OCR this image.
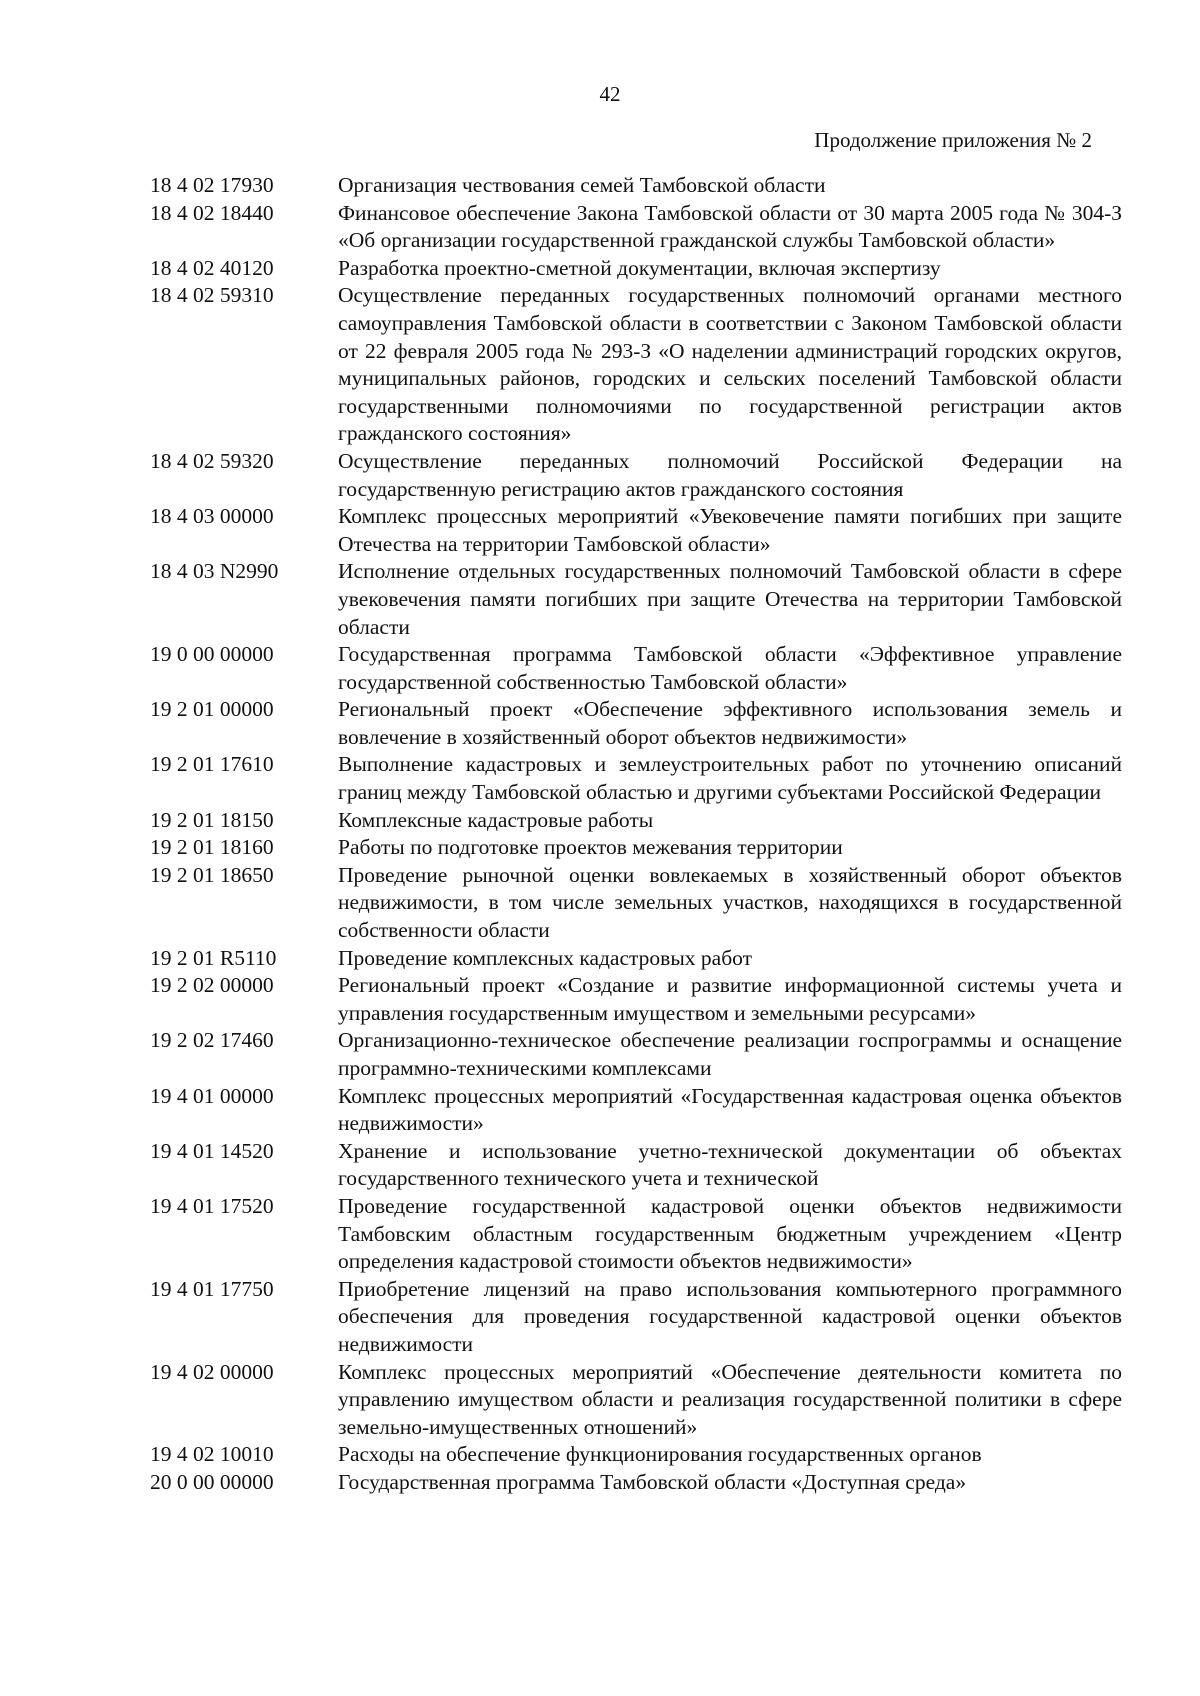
42
Продолжение приложения № 2
18 4 02 17930	Организация чествования семей Тамбовской области
18 4 02 18440	Финансовое обеспечение Закона Тамбовской области от 30 марта 2005 года № 304-З «Об организации государственной гражданской службы Тамбовской области»
18 4 02 40120	Разработка проектно-сметной документации, включая экспертизу
18 4 02 59310	Осуществление переданных государственных полномочий органами местного самоуправления Тамбовской области в соответствии с Законом Тамбовской области от 22 февраля 2005 года № 293-З «О наделении администраций городских округов, муниципальных районов, городских и сельских поселений Тамбовской области государственными полномочиями по государственной регистрации актов гражданского состояния»
18 4 02 59320	Осуществление переданных полномочий Российской Федерации на государственную регистрацию актов гражданского состояния
18 4 03 00000	Комплекс процессных мероприятий «Увековечение памяти погибших при защите Отечества на территории Тамбовской области»
18 4 03 N2990	Исполнение отдельных государственных полномочий Тамбовской области в сфере увековечения памяти погибших при защите Отечества на территории Тамбовской области
19 0 00 00000	Государственная программа Тамбовской области «Эффективное управление государственной собственностью Тамбовской области»
19 2 01 00000	Региональный проект «Обеспечение эффективного использования земель и вовлечение в хозяйственный оборот объектов недвижимости»
19 2 01 17610	Выполнение кадастровых и землеустроительных работ по уточнению описаний границ между Тамбовской областью и другими субъектами Российской Федерации
19 2 01 18150	Комплексные кадастровые работы
19 2 01 18160	Работы по подготовке проектов межевания территории
19 2 01 18650	Проведение рыночной оценки вовлекаемых в хозяйственный оборот объектов недвижимости, в том числе земельных участков, находящихся в государственной собственности области
19 2 01 R5110	Проведение комплексных кадастровых работ
19 2 02 00000	Региональный проект «Создание и развитие информационной системы учета и управления государственным имуществом и земельными ресурсами»
19 2 02 17460	Организационно-техническое обеспечение реализации госпрограммы и оснащение программно-техническими комплексами
19 4 01 00000	Комплекс процессных мероприятий «Государственная кадастровая оценка объектов недвижимости»
19 4 01 14520	Хранение и использование учетно-технической документации об объектах государственного технического учета и технической
19 4 01 17520	Проведение государственной кадастровой оценки объектов недвижимости Тамбовским областным государственным бюджетным учреждением «Центр определения кадастровой стоимости объектов недвижимости»
19 4 01 17750	Приобретение лицензий на право использования компьютерного программного обеспечения для проведения государственной кадастровой оценки объектов недвижимости
19 4 02 00000	Комплекс процессных мероприятий «Обеспечение деятельности комитета по управлению имуществом области и реализация государственной политики в сфере земельно-имущественных отношений»
19 4 02 10010	Расходы на обеспечение функционирования государственных органов
20 0 00 00000	Государственная программа Тамбовской области «Доступная среда»
